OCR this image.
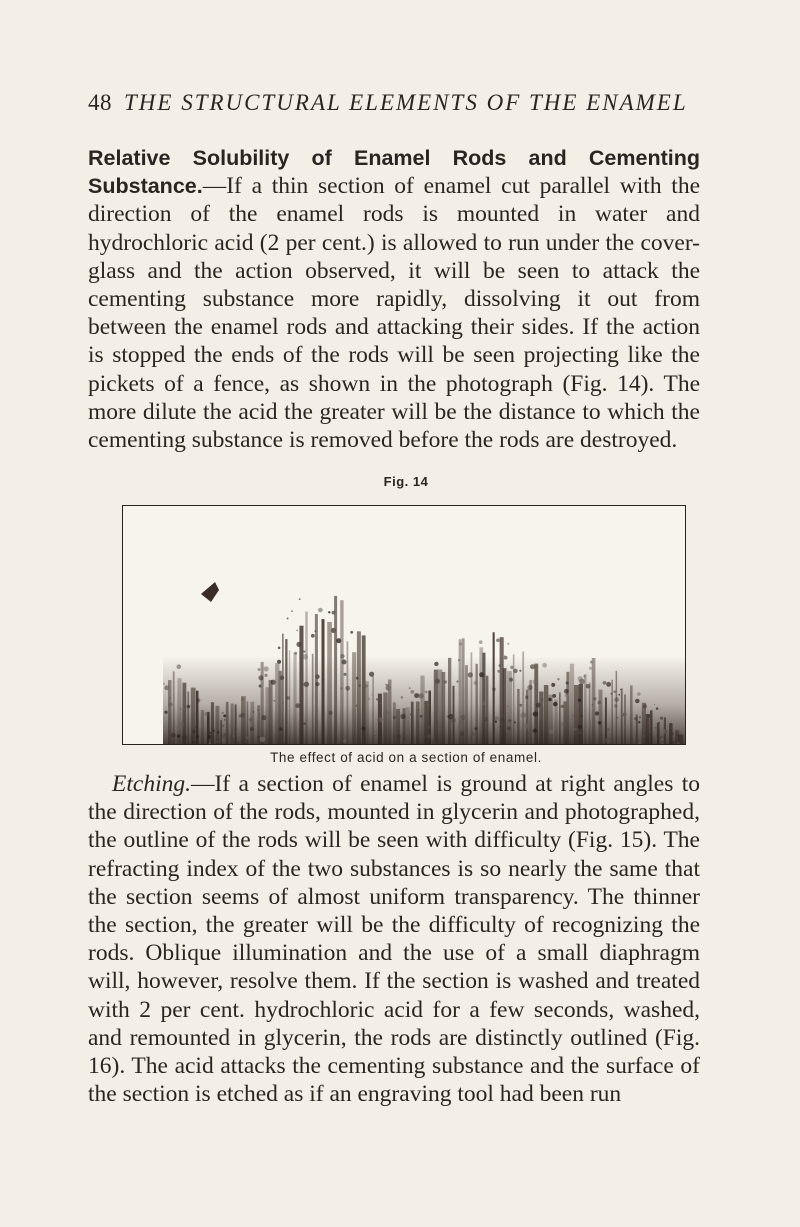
48 THE STRUCTURAL ELEMENTS OF THE ENAMEL
Relative Solubility of Enamel Rods and Cementing Substance.—If a thin section of enamel cut parallel with the direction of the enamel rods is mounted in water and hydrochloric acid (2 per cent.) is allowed to run under the cover-glass and the action observed, it will be seen to attack the cementing substance more rapidly, dissolving it out from between the enamel rods and attacking their sides. If the action is stopped the ends of the rods will be seen projecting like the pickets of a fence, as shown in the photograph (Fig. 14). The more dilute the acid the greater will be the distance to which the cementing substance is removed before the rods are destroyed.
Fig. 14
The effect of acid on a section of enamel.
Etching.—If a section of enamel is ground at right angles to the direction of the rods, mounted in glycerin and photographed, the outline of the rods will be seen with difficulty (Fig. 15). The refracting index of the two substances is so nearly the same that the section seems of almost uniform transparency. The thinner the section, the greater will be the difficulty of recognizing the rods. Oblique illumination and the use of a small diaphragm will, however, resolve them. If the section is washed and treated with 2 per cent. hydrochloric acid for a few seconds, washed, and remounted in glycerin, the rods are distinctly outlined (Fig. 16). The acid attacks the cementing substance and the surface of the section is etched as if an engraving tool had been run
